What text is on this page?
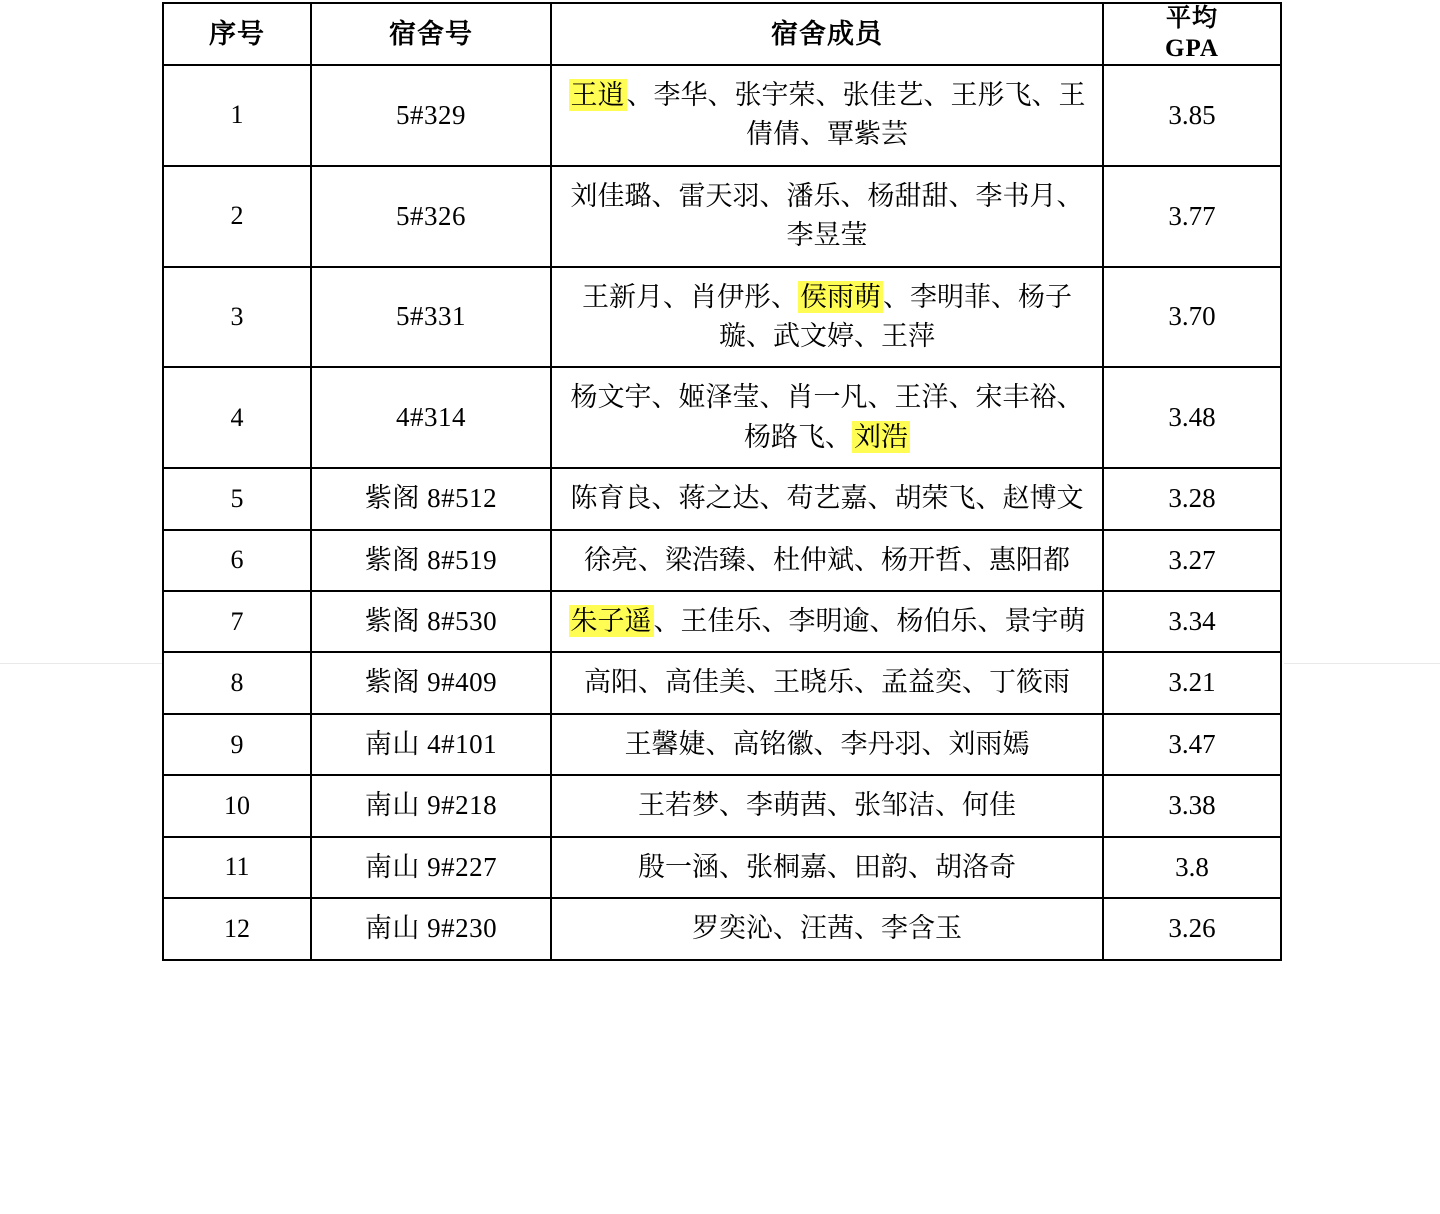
序号	宿舍号	宿舍成员	平均
GPA

1	5#329	王逍、李华、张宇荣、张佳艺、王彤飞、王倩倩、覃紫芸	3.85
2	5#326	刘佳璐、雷天羽、潘乐、杨甜甜、李书月、李昱莹	3.77
3	5#331	王新月、肖伊彤、侯雨萌、李明菲、杨子璇、武文婷、王萍	3.70
4	4#314	杨文宇、姬泽莹、肖一凡、王洋、宋丰裕、杨路飞、刘浩	3.48
5	紫阁 8#512	陈育良、蒋之达、苟艺嘉、胡荣飞、赵博文	3.28
6	紫阁 8#519	徐亮、梁浩臻、杜仲斌、杨开哲、惠阳都	3.27
7	紫阁 8#530	朱子遥、王佳乐、李明逾、杨伯乐、景宇萌	3.34
8	紫阁 9#409	高阳、高佳美、王晓乐、孟益奕、丁筱雨	3.21
9	南山 4#101	王馨婕、高铭徽、李丹羽、刘雨嫣	3.47
10	南山 9#218	王若梦、李萌茜、张邹洁、何佳	3.38
11	南山 9#227	殷一涵、张桐嘉、田韵、胡洛奇	3.8
12	南山 9#230	罗奕沁、汪茜、李含玉	3.26
